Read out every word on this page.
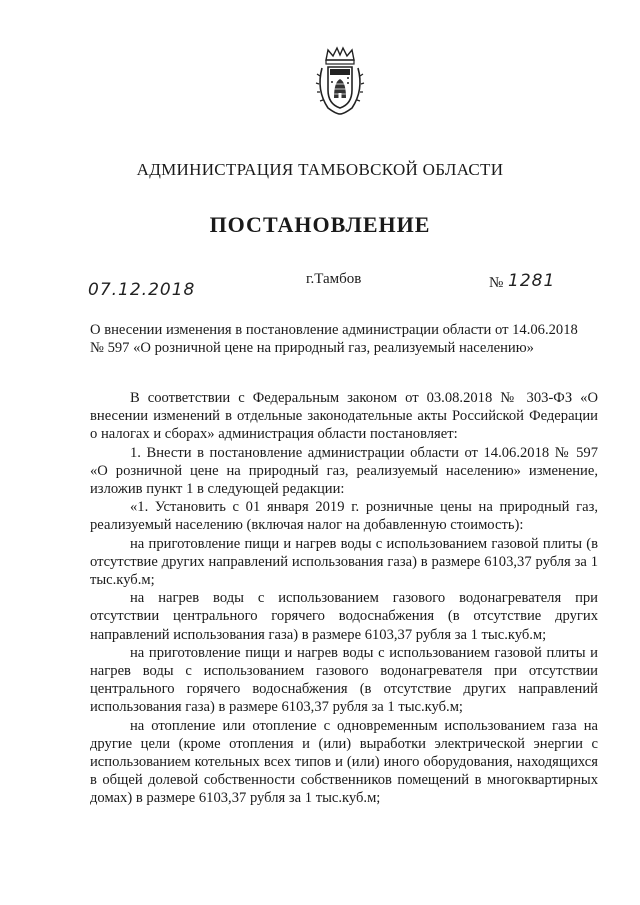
АДМИНИСТРАЦИЯ ТАМБОВСКОЙ ОБЛАСТИ
ПОСТАНОВЛЕНИЕ
07.12.2018
г.Тамбов	№ 1281
О внесении изменения в постановление администрации области от 14.06.2018
№ 597 «О розничной цене на природный газ, реализуемый населению»

В соответствии с Федеральным законом от 03.08.2018 № 303-ФЗ «О внесении изменений в отдельные законодательные акты Российской Федерации о налогах и сборах» администрация области постановляет:

1. Внести в постановление администрации области от 14.06.2018 № 597 «О розничной цене на природный газ, реализуемый населению» изменение, изложив пункт 1 в следующей редакции:

«1. Установить с 01 января 2019 г. розничные цены на природный газ, реализуемый населению (включая налог на добавленную стоимость):

на приготовление пищи и нагрев воды с использованием газовой плиты (в отсутствие других направлений использования газа) в размере 6103,37 рубля за 1 тыс.куб.м;

на нагрев воды с использованием газового водонагревателя при отсутствии центрального горячего водоснабжения (в отсутствие других направлений использования газа) в размере 6103,37 рубля за 1 тыс.куб.м;

на приготовление пищи и нагрев воды с использованием газовой плиты и нагрев воды с использованием газового водонагревателя при отсутствии центрального горячего водоснабжения (в отсутствие других направлений использования газа) в размере 6103,37 рубля за 1 тыс.куб.м;

на отопление или отопление с одновременным использованием газа на другие цели (кроме отопления и (или) выработки электрической энергии с использованием котельных всех типов и (или) иного оборудования, находящихся в общей долевой собственности собственников помещений в многоквартирных домах) в размере 6103,37 рубля за 1 тыс.куб.м;
